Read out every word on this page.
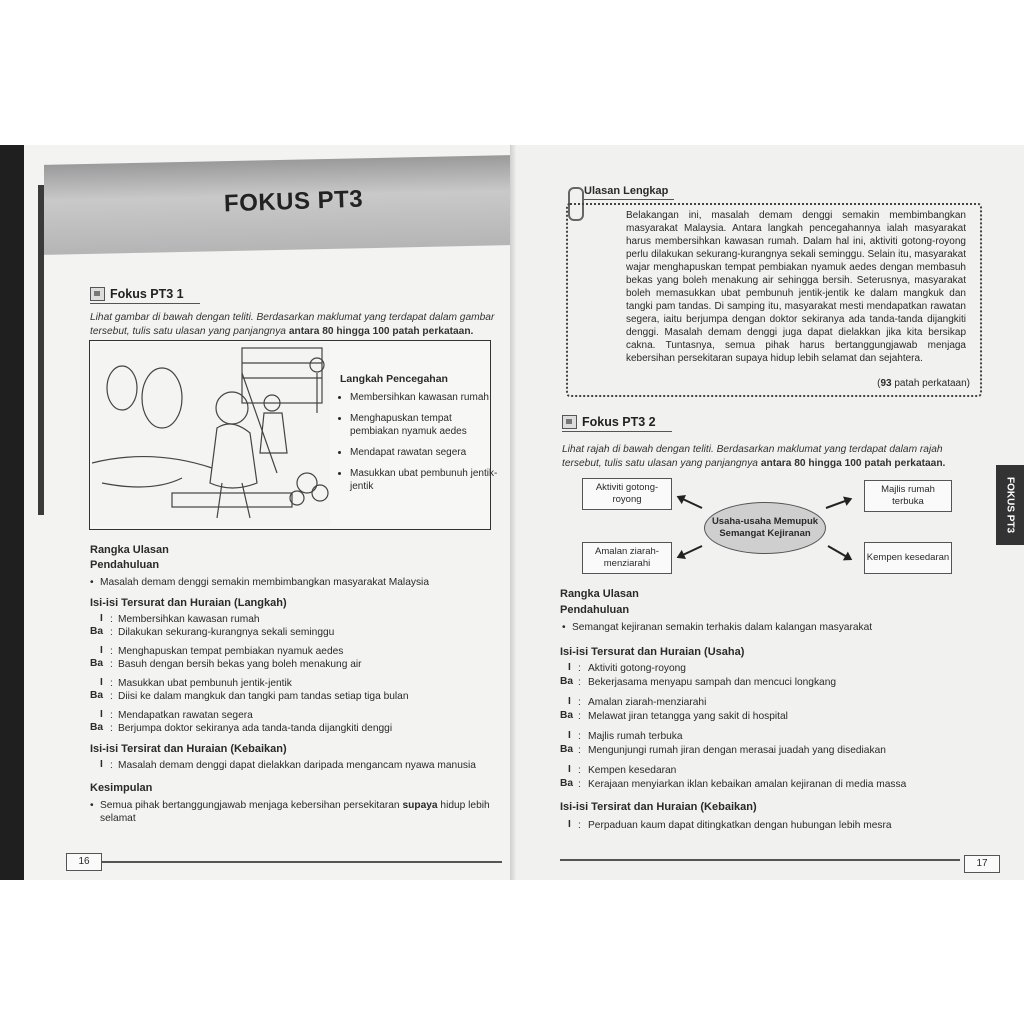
FOKUS PT3
Fokus PT3 1
Lihat gambar di bawah dengan teliti. Berdasarkan maklumat yang terdapat dalam gambar
tersebut, tulis satu ulasan yang panjangnya antara 80 hingga 100 patah perkataan.
Langkah Pencegahan
• Membersihkan kawasan rumah
• Menghapuskan tempat pembiakan nyamuk aedes
• Mendapat rawatan segera
• Masukkan ubat pembunuh jentik-jentik
Rangka Ulasan
Pendahuluan
• Masalah demam denggi semakin membimbangkan masyarakat Malaysia
Isi-isi Tersurat dan Huraian (Langkah)
I : Membersihkan kawasan rumah
Ba : Dilakukan sekurang-kurangnya sekali seminggu
I : Menghapuskan tempat pembiakan nyamuk aedes
Ba : Basuh dengan bersih bekas yang boleh menakung air
I : Masukkan ubat pembunuh jentik-jentik
Ba : Diisi ke dalam mangkuk dan tangki pam tandas setiap tiga bulan
I : Mendapatkan rawatan segera
Ba : Berjumpa doktor sekiranya ada tanda-tanda dijangkiti denggi
Isi-isi Tersirat dan Huraian (Kebaikan)
I : Masalah demam denggi dapat dielakkan daripada mengancam nyawa manusia
Kesimpulan
• Semua pihak bertanggungjawab menjaga kebersihan persekitaran supaya hidup lebih
selamat
16
Ulasan Lengkap
Belakangan ini, masalah demam denggi semakin membimbangkan masyarakat Malaysia. Antara langkah pencegahannya ialah masyarakat harus membersihkan kawasan rumah. Dalam hal ini, aktiviti gotong-royong perlu dilakukan sekurang-kurangnya sekali seminggu. Selain itu, masyarakat wajar menghapuskan tempat pembiakan nyamuk aedes dengan membasuh bekas yang boleh menakung air sehingga bersih. Seterusnya, masyarakat boleh memasukkan ubat pembunuh jentik-jentik ke dalam mangkuk dan tangki pam tandas. Di samping itu, masyarakat mesti mendapatkan rawatan segera, iaitu berjumpa dengan doktor sekiranya ada tanda-tanda dijangkiti denggi. Masalah demam denggi juga dapat dielakkan jika kita bersikap cakna. Tuntasnya, semua pihak harus bertanggungjawab menjaga kebersihan persekitaran supaya hidup lebih selamat dan sejahtera.
(93 patah perkataan)
Fokus PT3 2
Lihat rajah di bawah dengan teliti. Berdasarkan maklumat yang terdapat dalam rajah
tersebut, tulis satu ulasan yang panjangnya antara 80 hingga 100 patah perkataan.
Aktiviti gotong-royong
Majlis rumah terbuka
Amalan ziarah-menziarahi
Kempen kesedaran
Usaha-usaha Memupuk Semangat Kejiranan
Rangka Ulasan
Pendahuluan
• Semangat kejiranan semakin terhakis dalam kalangan masyarakat
Isi-isi Tersurat dan Huraian (Usaha)
I : Aktiviti gotong-royong
Ba : Bekerjasama menyapu sampah dan mencuci longkang
I : Amalan ziarah-menziarahi
Ba : Melawat jiran tetangga yang sakit di hospital
I : Majlis rumah terbuka
Ba : Mengunjungi rumah jiran dengan merasai juadah yang disediakan
I : Kempen kesedaran
Ba : Kerajaan menyiarkan iklan kebaikan amalan kejiranan di media massa
Isi-isi Tersirat dan Huraian (Kebaikan)
I : Perpaduan kaum dapat ditingkatkan dengan hubungan lebih mesra
FOKUS PT3
17
